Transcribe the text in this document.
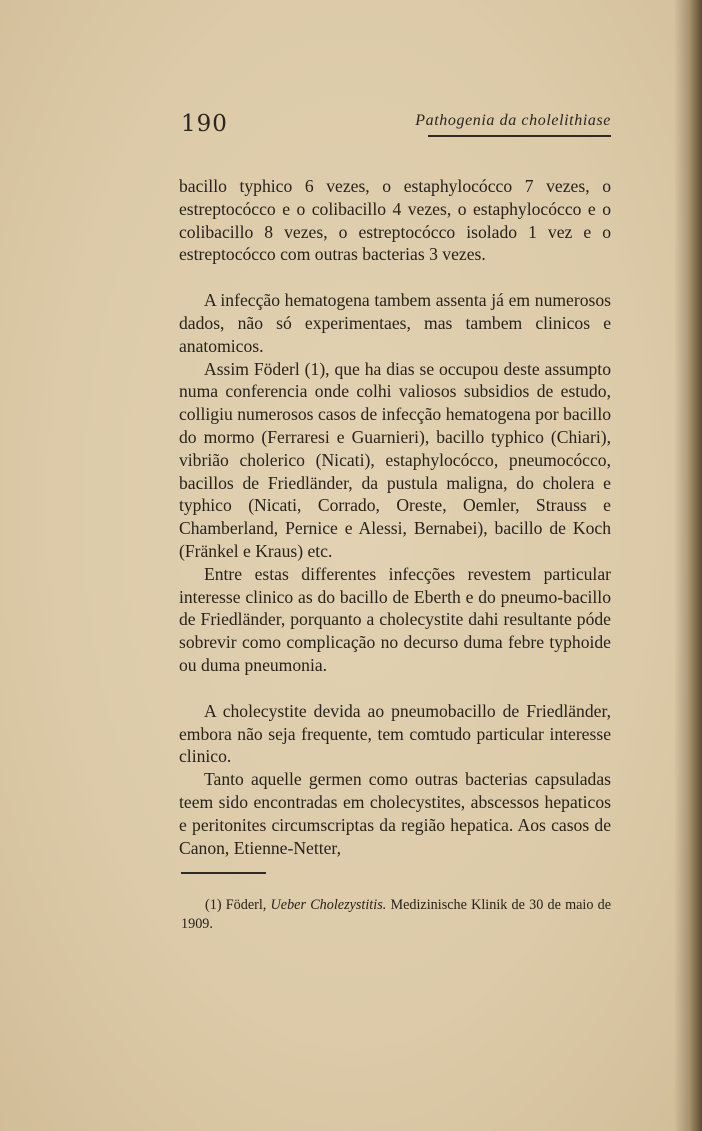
190	Pathogenia da cholelithiase

bacillo typhico 6 vezes, o estaphylocócco 7 vezes, o estreptocócco e o colibacillo 4 vezes, o estaphylocócco e o colibacillo 8 vezes, o estreptocócco isolado 1 vez e o estreptocócco com outras bacterias 3 vezes.

A infecção hematogena tambem assenta já em numerosos dados, não só experimentaes, mas tambem clinicos e anatomicos.

Assim Föderl (1), que ha dias se occupou deste assumpto numa conferencia onde colhi valiosos subsidios de estudo, colligiu numerosos casos de infecção hematogena por bacillo do mormo (Ferraresi e Guarnieri), bacillo typhico (Chiari), vibrião cholerico (Nicati), estaphylocócco, pneumocócco, bacillos de Friedländer, da pustula maligna, do cholera e typhico (Nicati, Corrado, Oreste, Oemler, Strauss e Chamberland, Pernice e Alessi, Bernabei), bacillo de Koch (Fränkel e Kraus) etc.

Entre estas differentes infecções revestem particular interesse clinico as do bacillo de Eberth e do pneumo-bacillo de Friedländer, porquanto a cholecystite dahi resultante póde sobrevir como complicação no decurso duma febre typhoide ou duma pneumonia.

A cholecystite devida ao pneumobacillo de Friedländer, embora não seja frequente, tem comtudo particular interesse clinico.

Tanto aquelle germen como outras bacterias capsuladas teem sido encontradas em cholecystites, abscessos hepaticos e peritonites circumscriptas da região hepatica. Aos casos de Canon, Etienne-Netter,

(1) Föderl, Ueber Cholezystitis. Medizinische Klinik de 30 de maio de 1909.
